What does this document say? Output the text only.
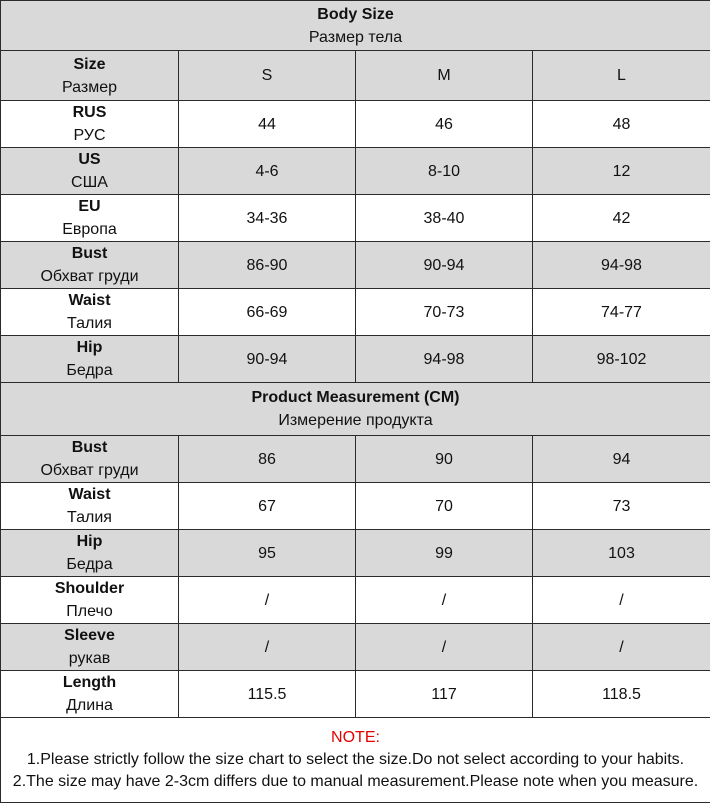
Body Size
Размер тела			

Size
Размер	S	M	L

RUS
РУС	44	46	48

US
США	4-6	8-10	12

EU
Европа	34-36	38-40	42

Bust
Обхват груди	86-90	90-94	94-98

Waist
Талия	66-69	70-73	74-77

Hip
Бедра	90-94	94-98	98-102

Product Measurement (CM)
Измерение продукта			

Bust
Обхват груди	86	90	94

Waist
Талия	67	70	73

Hip
Бедра	95	99	103

Shoulder
Плечо	/	/	/

Sleeve
рукав	/	/	/

Length
Длина	115.5	117	118.5

NOTE:
1.Please strictly follow the size chart to select the size.Do not select according to your habits.
2.The size may have 2-3cm differs due to manual measurement.Please note when you measure.			
